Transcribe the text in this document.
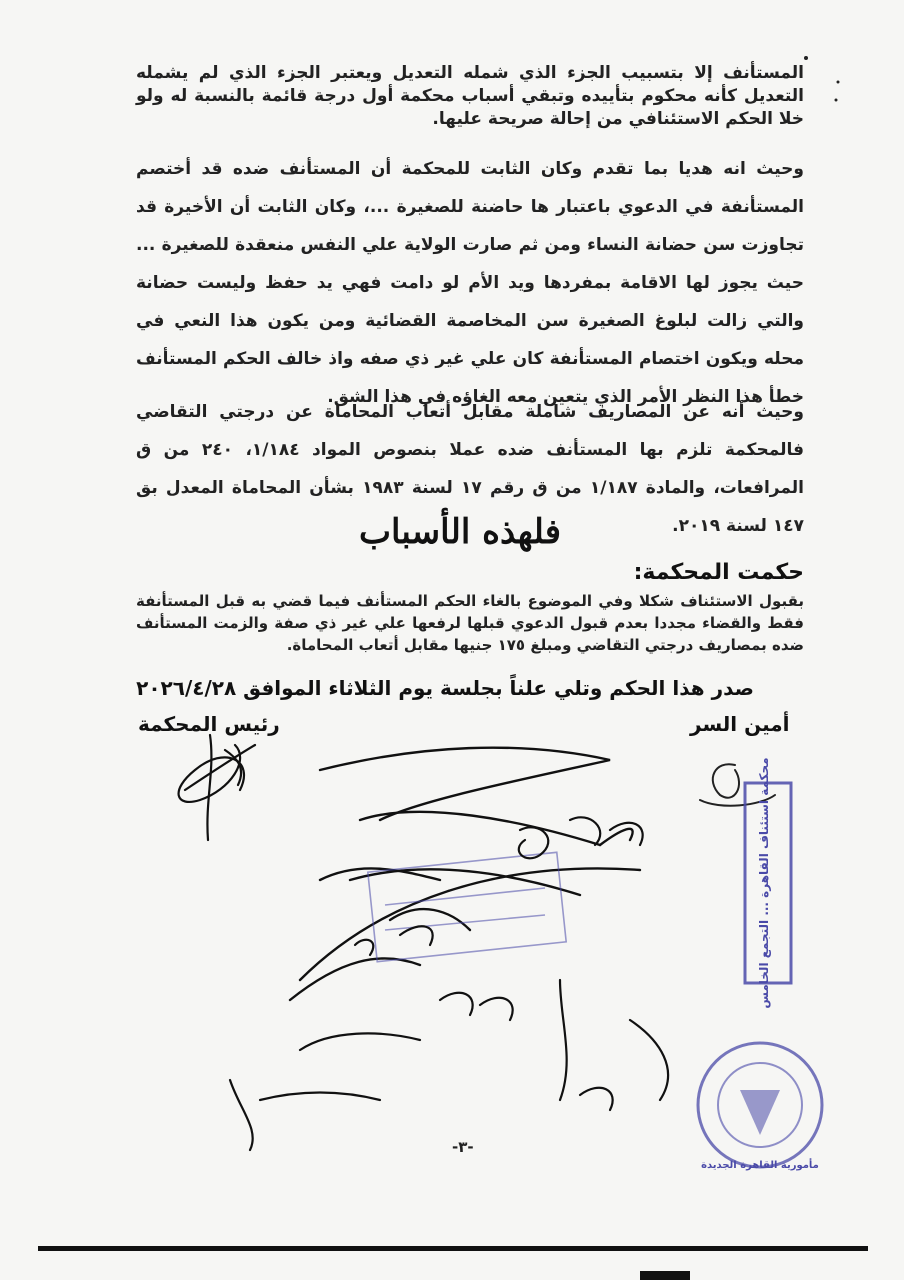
المستأنف إلا بتسبيب الجزء الذي شمله التعديل ويعتبر الجزء الذي لم يشمله التعديل كأنه محكوم بتأييده وتبقي أسباب محكمة أول درجة قائمة بالنسبة له ولو خلا الحكم الاستئنافي من إحالة صريحة عليها.
وحيث انه هديا بما تقدم وكان الثابت للمحكمة أن المستأنف ضده قد أختصم المستأنفة في الدعوي باعتبار ها حاضنة للصغيرة ...، وكان الثابت أن الأخيرة قد تجاوزت سن حضانة النساء ومن ثم صارت الولاية علي النفس منعقدة للصغيرة ... حيث يجوز لها الاقامة بمفردها ويد الأم لو دامت فهي يد حفظ وليست حضانة والتي زالت لبلوغ الصغيرة سن المخاصمة القضائية ومن يكون هذا النعي في محله ويكون اختصام المستأنفة كان علي غير ذي صفه واذ خالف الحكم المستأنف خطأ هذا النظر الأمر الذي يتعين معه الغاؤه في هذا الشق.
وحيث أنه عن المصاريف شاملة مقابل أتعاب المحاماة عن درجتي التقاضي فالمحكمة تلزم بها المستأنف ضده عملا بنصوص المواد ١/١٨٤، ٢٤٠ من ق المرافعات، والمادة ١/١٨٧ من ق رقم ١٧ لسنة ١٩٨٣ بشأن المحاماة المعدل بق ١٤٧ لسنة ٢٠١٩.
فلهذه الأسباب
حكمت المحكمة:
بقبول الاستئناف شكلا وفي الموضوع بالغاء الحكم المستأنف فيما قضي به قبل المستأنفة فقط والقضاء مجددا بعدم قبول الدعوي قبلها لرفعها علي غير ذي صفة والزمت المستأنف ضده بمصاريف درجتي التقاضي ومبلغ ١٧٥ جنيها مقابل أتعاب المحاماة.
صدر هذا الحكم وتلي علناً بجلسة يوم الثلاثاء الموافق ٢٠٢٦/٤/٢٨
أمين السر
رئيس المحكمة
-٣-
محكمة استئناف القاهرة ... التجمع الخامس
مأمورية القاهرة الجديدة
